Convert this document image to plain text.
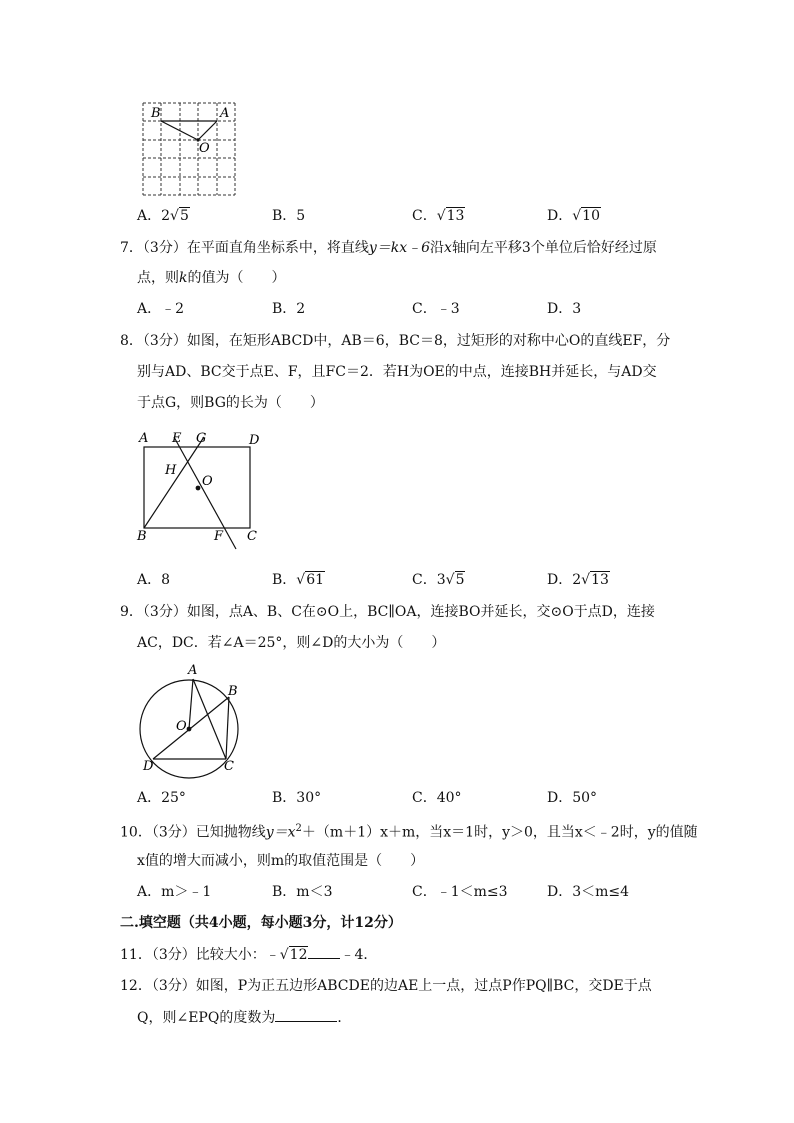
B	A
O
A．2√5	B．5	C．√13	D．√10
7．（3分）在平面直角坐标系中，将直线y＝kx﹣6沿x轴向左平移3个单位后恰好经过原
点，则k的值为（　　）
A．﹣2	B．2	C．﹣3	D．3
8．（3分）如图，在矩形ABCD中，AB＝6，BC＝8，过矩形的对称中心O的直线EF，分
别与AD、BC交于点E、F，且FC＝2．若H为OE的中点，连接BH并延长，与AD交
于点G，则BG的长为（　　）
A E G	D
H
O
B	F C
A．8	B．√61	C．3√5	D．2√13
9．（3分）如图，点A、B、C在⊙O上，BC∥OA，连接BO并延长，交⊙O于点D，连接
AC，DC．若∠A＝25°，则∠D的大小为（　　）
A
B
O
D	C
A．25°	B．30°	C．40°	D．50°
10．（3分）已知抛物线$y=x^2+(m+1)x+m$，当x＝1时，y＞0，且当x＜﹣2时，y的值随
x值的增大而减小，则m的取值范围是（　　）
A．m＞﹣1	B．m＜3	C．﹣1＜m≤3	D．3＜m≤4
二.填空题（共4小题，每小题3分，计12分）
11．（3分）比较大小：﹣√12 ﹣4．
12．（3分）如图，P为正五边形ABCDE的边AE上一点，过点P作PQ∥BC，交DE于点
Q，则∠EPQ的度数为	．
